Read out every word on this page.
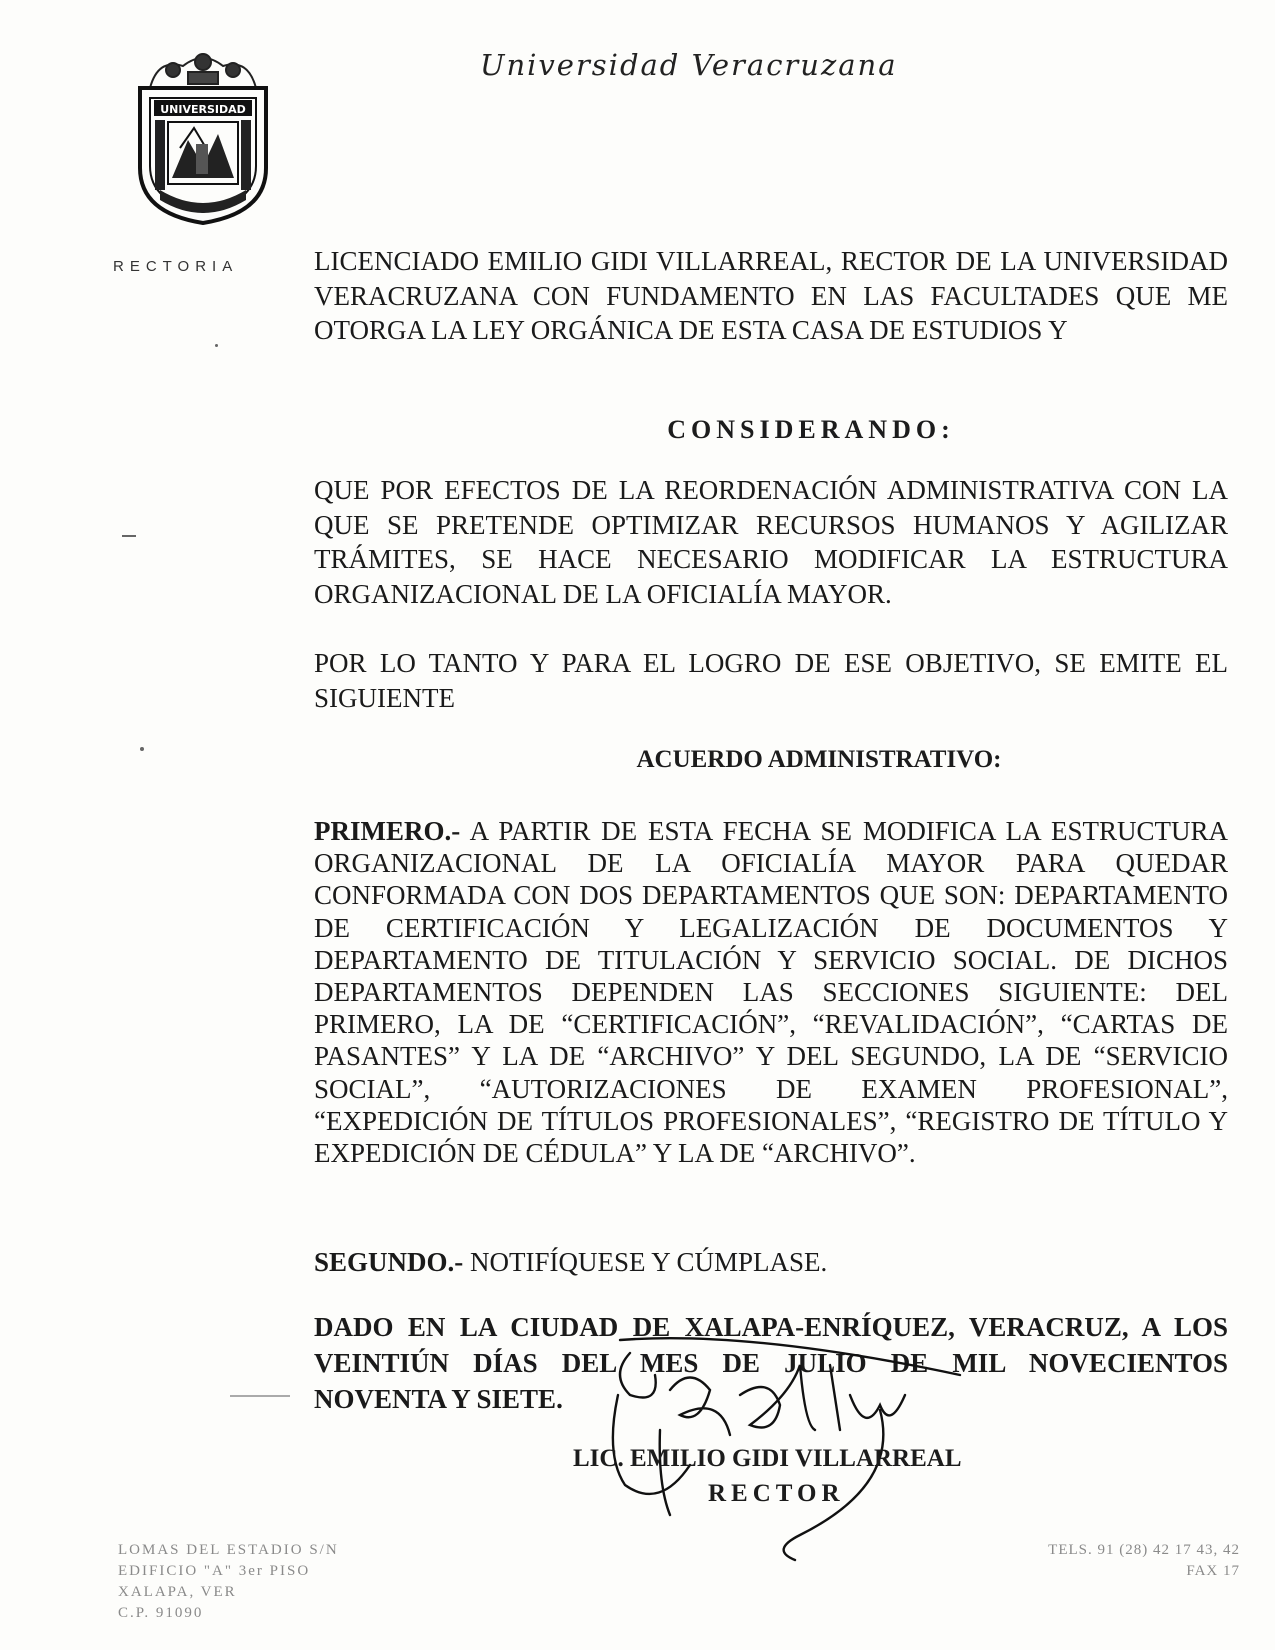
UNIVERSIDAD
Universidad Veracruzana
RECTORIA	LICENCIADO EMILIO GIDI VILLARREAL, RECTOR DE LA UNIVERSIDAD VERACRUZANA CON FUNDAMENTO EN LAS FACULTADES QUE ME OTORGA LA LEY ORGÁNICA DE ESTA CASA DE ESTUDIOS Y
CONSIDERANDO:
QUE POR EFECTOS DE LA REORDENACIÓN ADMINISTRATIVA CON LA QUE SE PRETENDE OPTIMIZAR RECURSOS HUMANOS Y AGILIZAR TRÁMITES, SE HACE NECESARIO MODIFICAR LA ESTRUCTURA ORGANIZACIONAL DE LA OFICIALÍA MAYOR.
POR LO TANTO Y PARA EL LOGRO DE ESE OBJETIVO, SE EMITE EL SIGUIENTE
ACUERDO ADMINISTRATIVO:
PRIMERO.- A PARTIR DE ESTA FECHA SE MODIFICA LA ESTRUCTURA ORGANIZACIONAL DE LA OFICIALÍA MAYOR PARA QUEDAR CONFORMADA CON DOS DEPARTAMENTOS QUE SON: DEPARTAMENTO DE CERTIFICACIÓN Y LEGALIZACIÓN DE DOCUMENTOS Y DEPARTAMENTO DE TITULACIÓN Y SERVICIO SOCIAL. DE DICHOS DEPARTAMENTOS DEPENDEN LAS SECCIONES SIGUIENTE: DEL PRIMERO, LA DE “CERTIFICACIÓN”, “REVALIDACIÓN”, “CARTAS DE PASANTES” Y LA DE “ARCHIVO” Y DEL SEGUNDO, LA DE “SERVICIO SOCIAL”, “AUTORIZACIONES DE EXAMEN PROFESIONAL”, “EXPEDICIÓN DE TÍTULOS PROFESIONALES”, “REGISTRO DE TÍTULO Y EXPEDICIÓN DE CÉDULA” Y LA DE “ARCHIVO”.
SEGUNDO.- NOTIFÍQUESE Y CÚMPLASE.
DADO EN LA CIUDAD DE XALAPA-ENRÍQUEZ, VERACRUZ, A LOS VEINTIÚN DÍAS DEL MES DE JULIO DE MIL NOVECIENTOS NOVENTA Y SIETE.
LIC. EMILIO GIDI VILLARREAL
RECTOR
LOMAS DEL ESTADIO S/N
EDIFICIO "A" 3er PISO
XALAPA, VER
C.P. 91090
TELS. 91 (28) 42 17 43, 42
FAX 17
